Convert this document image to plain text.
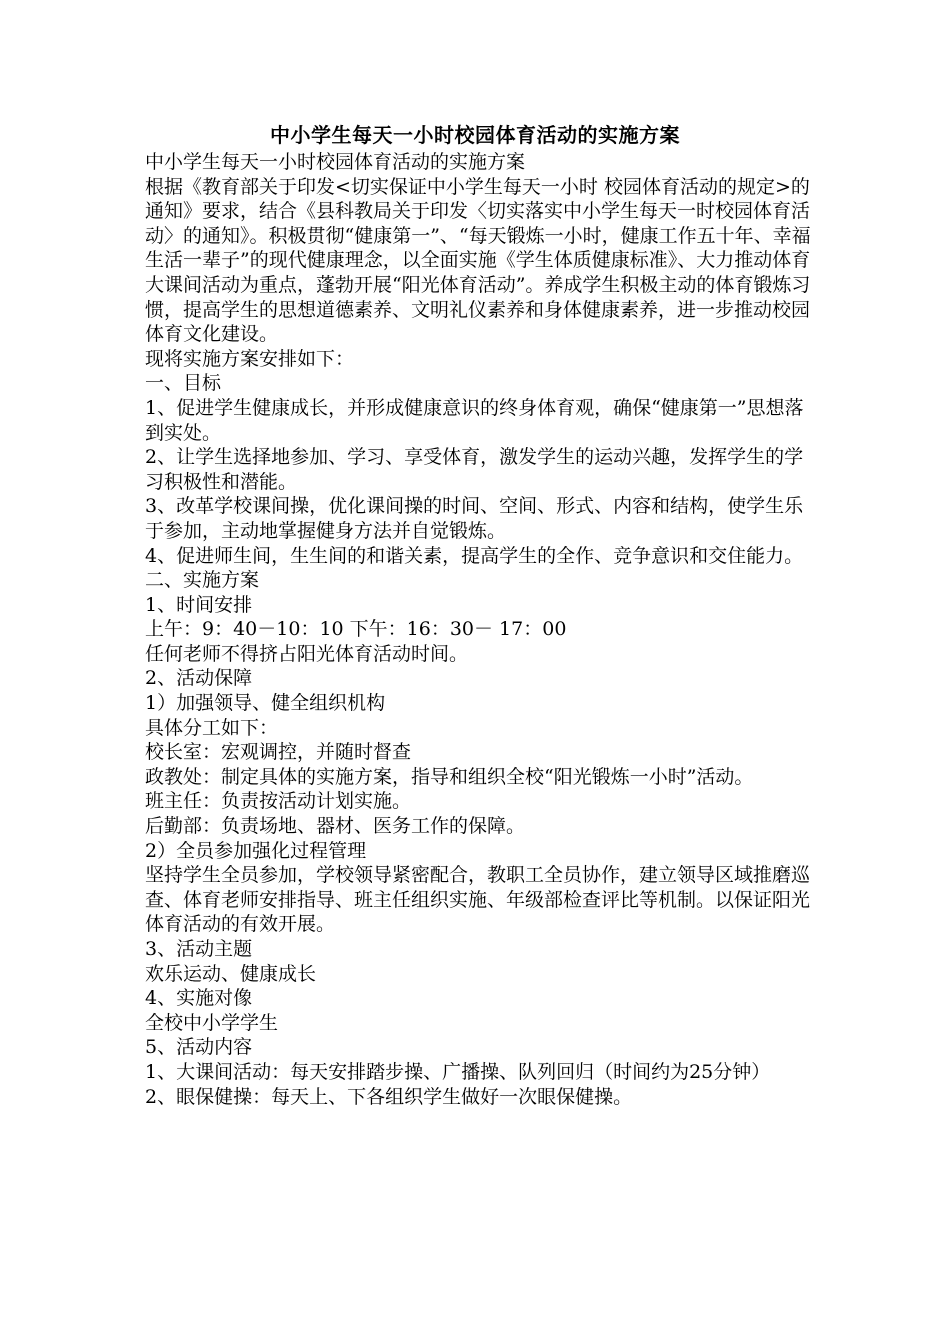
中小学生每天一小时校园体育活动的实施方案

中小学生每天一小时校园体育活动的实施方案

根据《教育部关于印发<切实保证中小学生每天一小时 校园体育活动的规定>的通知》要求，结合《县科教局关于印发〈切实落实中小学生每天一时校园体育活动〉的通知》。积极贯彻“健康第一”、“每天锻炼一小时，健康工作五十年、幸福生活一辈子”的现代健康理念，以全面实施《学生体质健康标准》、大力推动体育大课间活动为重点，蓬勃开展“阳光体育活动”。养成学生积极主动的体育锻炼习惯，提高学生的思想道德素养、文明礼仪素养和身体健康素养，进一步推动校园体育文化建设。

现将实施方案安排如下：

一、目标

1、促进学生健康成长，并形成健康意识的终身体育观，确保“健康第一”思想落到实处。

2、让学生选择地参加、学习、享受体育，激发学生的运动兴趣，发挥学生的学习积极性和潜能。

3、改革学校课间操，优化课间操的时间、空间、形式、内容和结构，使学生乐于参加，主动地掌握健身方法并自觉锻炼。

4、促进师生间，生生间的和谐关素，提高学生的全作、竞争意识和交住能力。

二、实施方案

1、时间安排

上午：9：40－10：10 下午：16：30－ 17：00

任何老师不得挤占阳光体育活动时间。

2、活动保障

1）加强领导、健全组织机构

具体分工如下：

校长室：宏观调控，并随时督查

政教处：制定具体的实施方案，指导和组织全校“阳光锻炼一小时”活动。

班主任：负责按活动计划实施。

后勤部：负责场地、器材、医务工作的保障。

2）全员参加强化过程管理

坚持学生全员参加，学校领导紧密配合，教职工全员协作，建立领导区域推磨巡查、体育老师安排指导、班主任组织实施、年级部检查评比等机制。以保证阳光体育活动的有效开展。

3、活动主题

欢乐运动、健康成长

4、实施对像

全校中小学学生

5、活动内容

1、大课间活动：每天安排踏步操、广播操、队列回归（时间约为25分钟）

2、眼保健操：每天上、下各组织学生做好一次眼保健操。
